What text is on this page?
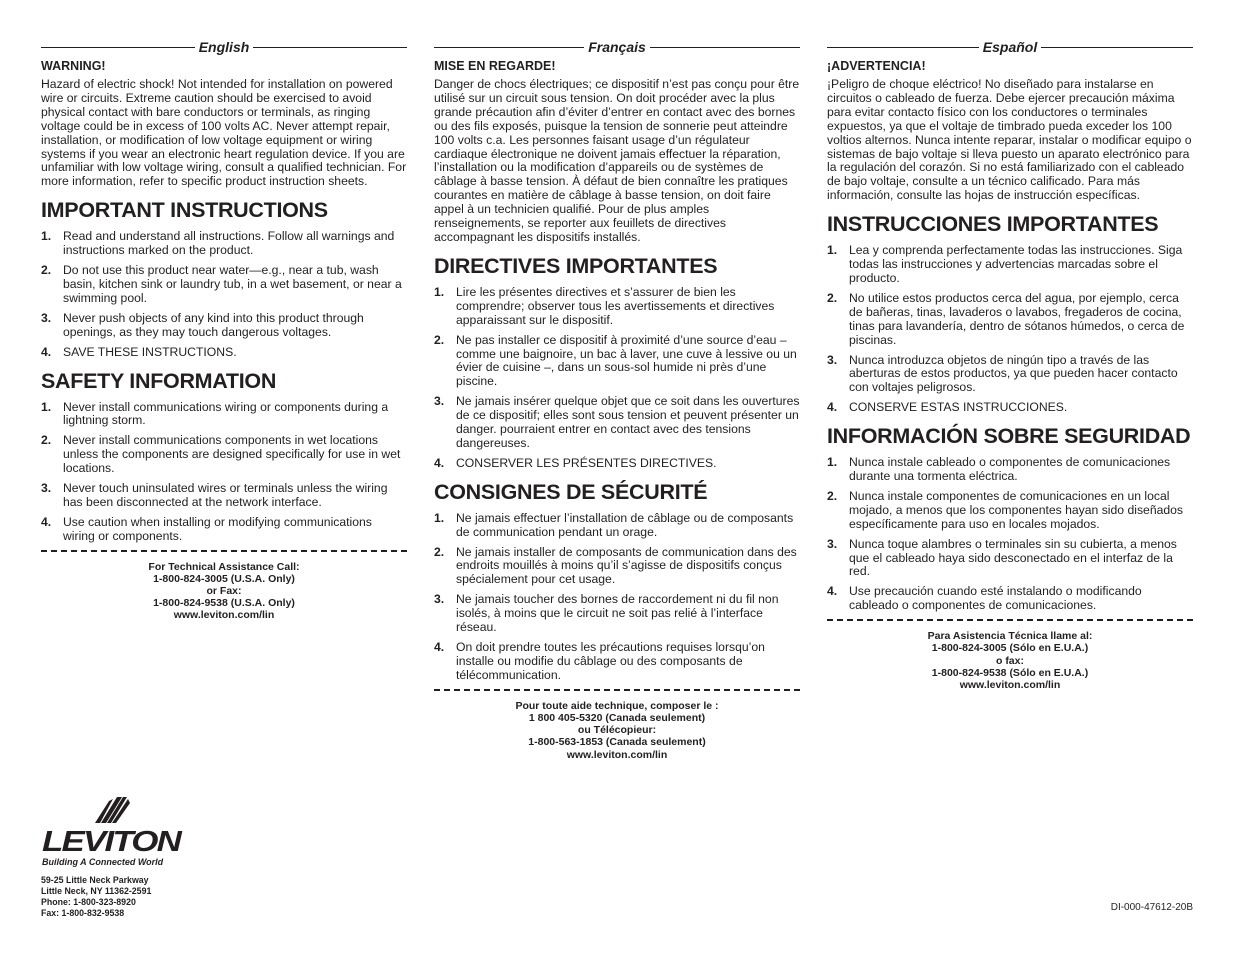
English
WARNING!

Hazard of electric shock! Not intended for installation on powered wire or circuits. Extreme caution should be exercised to avoid physical contact with bare conductors or terminals, as ringing voltage could be in excess of 100 volts AC. Never attempt repair, installation, or modification of low voltage equipment or wiring systems if you wear an electronic heart regulation device. If you are unfamiliar with low voltage wiring, consult a qualified technician. For more information, refer to specific product instruction sheets.

IMPORTANT INSTRUCTIONS
1. Read and understand all instructions. Follow all warnings and instructions marked on the product.
2. Do not use this product near water—e.g., near a tub, wash basin, kitchen sink or laundry tub, in a wet basement, or near a swimming pool.
3. Never push objects of any kind into this product through openings, as they may touch dangerous voltages.
4. SAVE THESE INSTRUCTIONS.
SAFETY INFORMATION
1. Never install communications wiring or components during a lightning storm.
2. Never install communications components in wet locations unless the components are designed specifically for use in wet locations.
3. Never touch uninsulated wires or terminals unless the wiring has been disconnected at the network interface.
4. Use caution when installing or modifying communications wiring or components.
For Technical Assistance Call:
1-800-824-3005 (U.S.A. Only)
or Fax:
1-800-824-9538 (U.S.A. Only)
www.leviton.com/lin
Français
MISE EN REGARDE!

Danger de chocs électriques; ce dispositif n’est pas conçu pour être utilisé sur un circuit sous tension. On doit procéder avec la plus grande précaution afin d’éviter d’entrer en contact avec des bornes ou des fils exposés, puisque la tension de sonnerie peut atteindre 100 volts c.a. Les personnes faisant usage d’un régulateur cardiaque électronique ne doivent jamais effectuer la réparation, l’installation ou la modification d’appareils ou de systèmes de câblage à basse tension. À défaut de bien connaître les pratiques courantes en matière de câblage à basse tension, on doit faire appel à un technicien qualifié. Pour de plus amples renseignements, se reporter aux feuillets de directives accompagnant les dispositifs installés.

DIRECTIVES IMPORTANTES
1. Lire les présentes directives et s’assurer de bien les comprendre; observer tous les avertissements et directives apparaissant sur le dispositif.
2. Ne pas installer ce dispositif à proximité d’une source d’eau – comme une baignoire, un bac à laver, une cuve à lessive ou un évier de cuisine –, dans un sous-sol humide ni près d’une piscine.
3. Ne jamais insérer quelque objet que ce soit dans les ouvertures de ce dispositif; elles sont sous tension et peuvent présenter un danger. pourraient entrer en contact avec des tensions dangereuses.
4. CONSERVER LES PRÉSENTES DIRECTIVES.
CONSIGNES DE SÉCURITÉ
1. Ne jamais effectuer l’installation de câblage ou de composants de communication pendant un orage.
2. Ne jamais installer de composants de communication dans des endroits mouillés à moins qu’il s’agisse de dispositifs conçus spécialement pour cet usage.
3. Ne jamais toucher des bornes de raccordement ni du fil non isolés, à moins que le circuit ne soit pas relié à l’interface réseau.
4. On doit prendre toutes les précautions requises lorsqu’on installe ou modifie du câblage ou des composants de télécommunication.
Pour toute aide technique, composer le :
1 800 405-5320 (Canada seulement)
ou Télécopieur:
1-800-563-1853 (Canada seulement)
www.leviton.com/lin
Español
¡ADVERTENCIA!

¡Peligro de choque eléctrico! No diseñado para instalarse en circuitos o cableado de fuerza. Debe ejercer precaución máxima para evitar contacto físico con los conductores o terminales expuestos, ya que el voltaje de timbrado pueda exceder los 100 voltios alternos. Nunca intente reparar, instalar o modificar equipo o sistemas de bajo voltaje si lleva puesto un aparato electrónico para la regulación del corazón. Si no está familiarizado con el cableado de bajo voltaje, consulte a un técnico calificado. Para más información, consulte las hojas de instrucción específicas.

INSTRUCCIONES IMPORTANTES
1. Lea y comprenda perfectamente todas las instrucciones. Siga todas las instrucciones y advertencias marcadas sobre el producto.
2. No utilice estos productos cerca del agua, por ejemplo, cerca de bañeras, tinas, lavaderos o lavabos, fregaderos de cocina, tinas para lavandería, dentro de sótanos húmedos, o cerca de piscinas.
3. Nunca introduzca objetos de ningún tipo a través de las aberturas de estos productos, ya que pueden hacer contacto con voltajes peligrosos.
4. CONSERVE ESTAS INSTRUCCIONES.
INFORMACIÓN SOBRE SEGURIDAD
1. Nunca instale cableado o componentes de comunicaciones durante una tormenta eléctrica.
2. Nunca instale componentes de comunicaciones en un local mojado, a menos que los componentes hayan sido diseñados específicamente para uso en locales mojados.
3. Nunca toque alambres o terminales sin su cubierta, a menos que el cableado haya sido desconectado en el interfaz de la red.
4. Use precaución cuando esté instalando o modificando cableado o componentes de comunicaciones.
Para Asistencia Técnica llame al:
1-800-824-3005 (Sólo en E.U.A.)
o fax:
1-800-824-9538 (Sólo en E.U.A.)
www.leviton.com/lin
LEVITON
Building A Connected World
59-25 Little Neck Parkway
Little Neck, NY 11362-2591
Phone: 1-800-323-8920
Fax: 1-800-832-9538	DI-000-47612-20B
